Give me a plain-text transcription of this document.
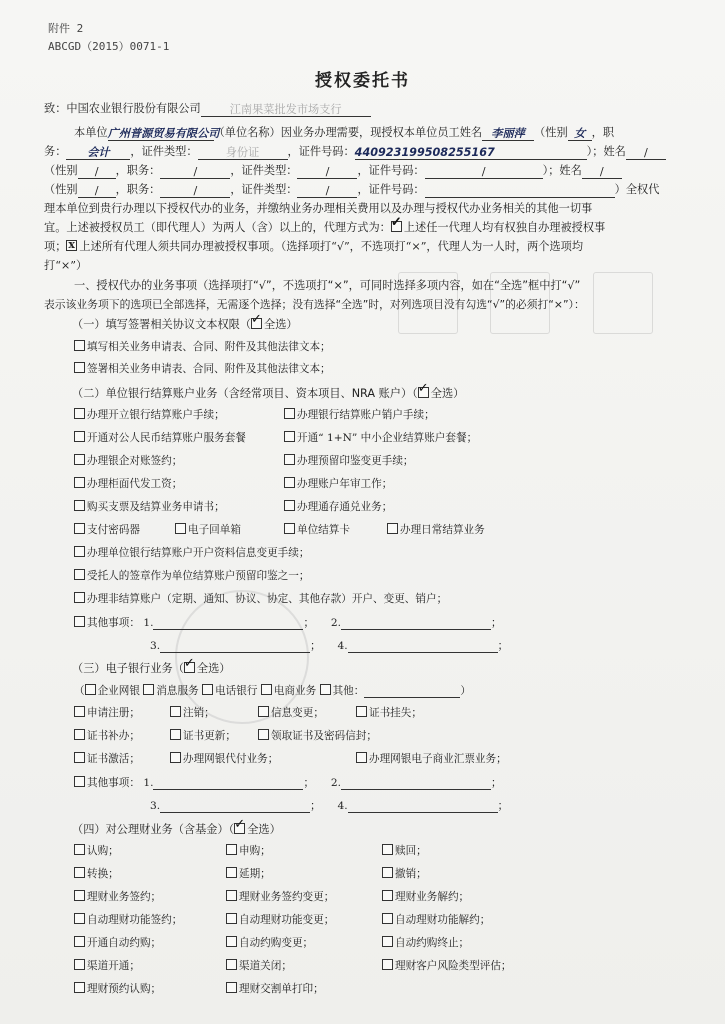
附件 2
ABCGD（2015）0071-1
授权委托书
致：中国农业银行股份有限公司	江南果菜批发市场支行
本单位广州普源贸易有限公司（单位名称）因业务办理需要，现授权本单位员工姓名 李丽萍 （性别 女 ，职
务： 会计 ，证件类型：	身份证	，证件号码：440923199508255167	）；姓名 /
（性别 / ，职务：	/	，证件类型：	/	，证件号码：	/	）；姓名 /
（性别 / ，职务：	/	，证件类型：	/	，证件号码：	）全权代
理本单位到贵行办理以下授权代办的业务，并缴纳业务办理相关费用以及办理与授权代办业务相关的其他一切事
宜。上述被授权员工（即代理人）为两人（含）以上的，代理方式为： ✓ 上述任一代理人均有权独自办理被授权事
项； x 上述所有代理人须共同办理被授权事项。（选择项打“√”，不选项打“×”，代理人为一人时，两个选项均
打“×”）
一、授权代办的业务事项（选择项打“√”，不选项打“×”，可同时选择多项内容，如在“全选”框中打“√”
表示该业务项下的选项已全部选择，无需逐个选择；没有选择“全选”时，对列选项目没有勾选“√”的必须打“×”）：
（一）填写签署相关协议文本权限（ ✓ 全选）
填写相关业务申请表、合同、附件及其他法律文本；
签署相关业务申请表、合同、附件及其他法律文本；
（二）单位银行结算账户业务（含经常项目、资本项目、NRA 账户）（ ✓ 全选）
办理开立银行结算账户手续；	办理银行结算账户销户手续；
开通对公人民币结算账户服务套餐	开通“ 1+N” 中小企业结算账户套餐；
办理银企对账签约；	办理预留印鉴变更手续；
办理柜面代发工资；	办理账户年审工作；
购买支票及结算业务申请书；	办理通存通兑业务；
支付密码器	电子回单箱	单位结算卡	办理日常结算业务
办理单位银行结算账户开户资料信息变更手续；
受托人的签章作为单位结算账户预留印鉴之一；
办理非结算账户（定期、通知、协议、协定、其他存款）开户、变更、销户；
其他事项： 1.	； 2.	；
3.	； 4.	；
（三）电子银行业务（ ✓ 全选）
（ 企业网银 消息服务 电话银行 电商业务 其他：	）
申请注册；	注销；	信息变更；	证书挂失；
证书补办；	证书更新；	领取证书及密码信封；
证书激活；	办理网银代付业务；	办理网银电子商业汇票业务；
其他事项： 1.	； 2.	；
3.	； 4.	；
（四）对公理财业务（含基金）（ ✓ 全选）
认购；	申购；	赎回；
转换；	延期；	撤销；
理财业务签约；	理财业务签约变更；	理财业务解约；
自动理财功能签约；	自动理财功能变更；	自动理财功能解约；
开通自动约购；	自动约购变更；	自动约购终止；
渠道开通；	渠道关闭；	理财客户风险类型评估；
理财预约认购；	理财交割单打印；
